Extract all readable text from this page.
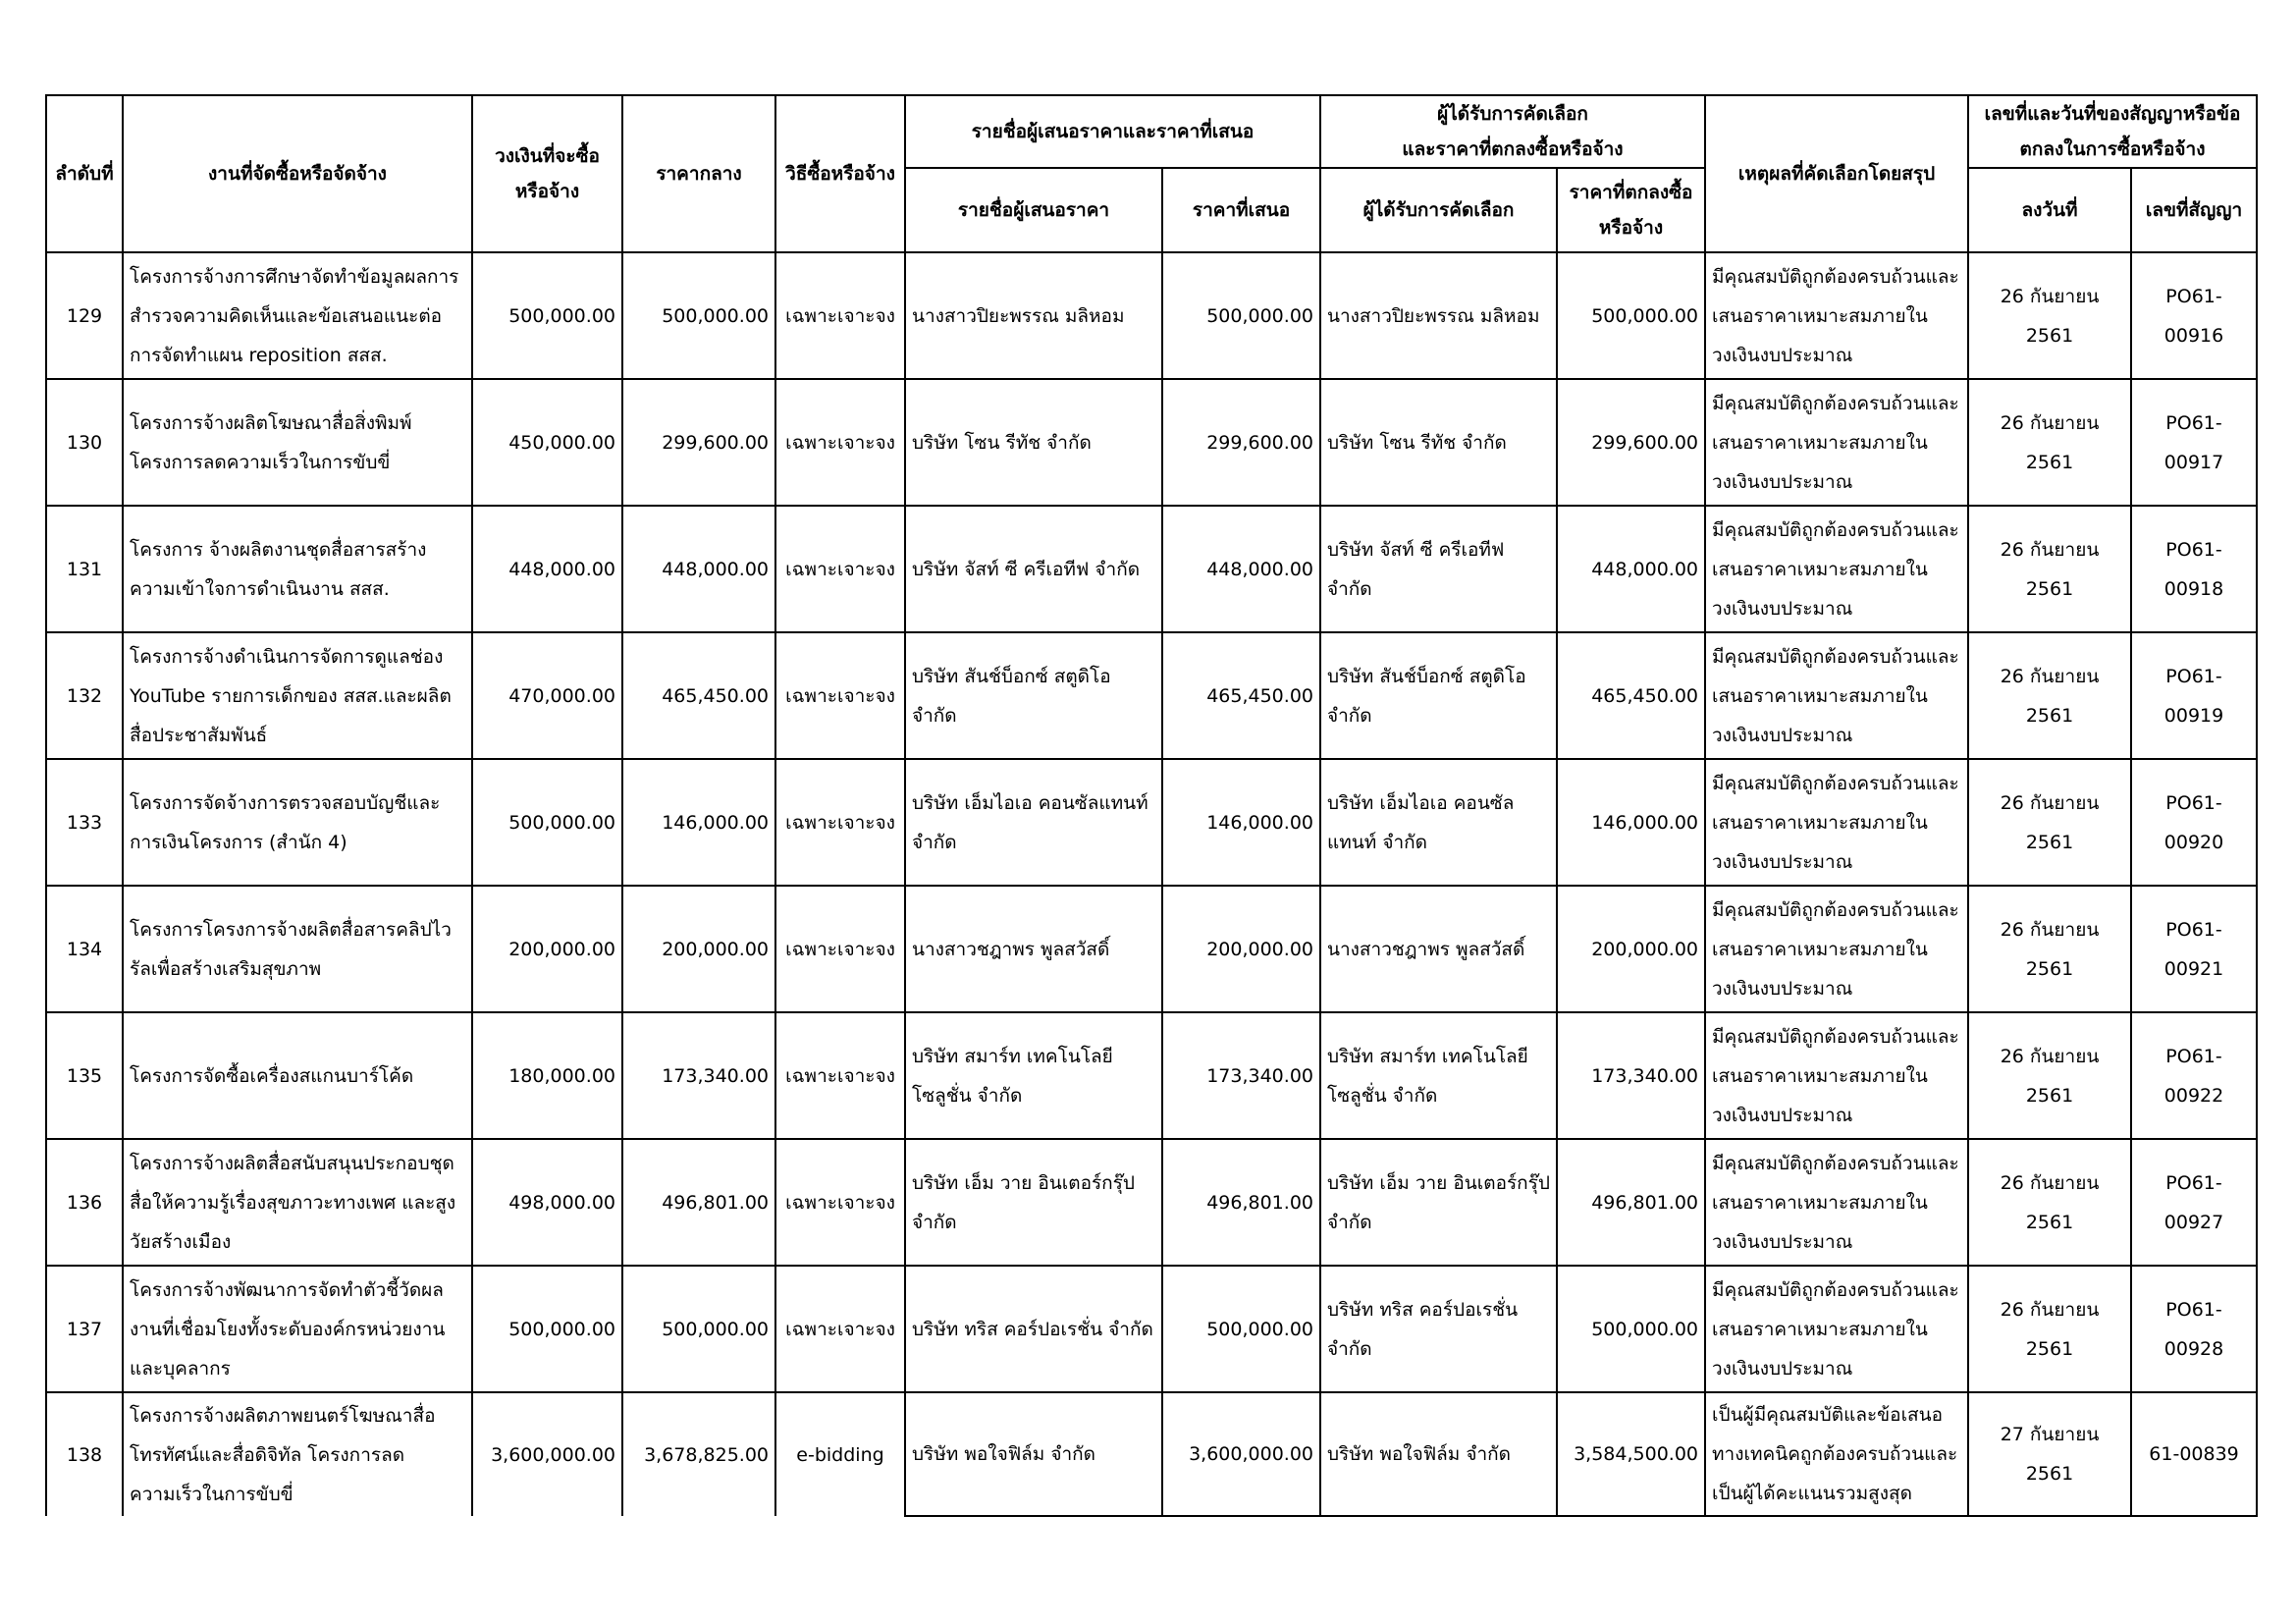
ลำดับที่	งานที่จัดซื้อหรือจัดจ้าง	วงเงินที่จะซื้อหรือจ้าง	ราคากลาง	วิธีซื้อหรือจ้าง	รายชื่อผู้เสนอราคาและราคาที่เสนอ		ผู้ได้รับการคัดเลือก
และราคาที่ตกลงซื้อหรือจ้าง		เหตุผลที่คัดเลือกโดยสรุป	เลขที่และวันที่ของสัญญาหรือข้อตกลงในการซื้อหรือจ้าง	
					รายชื่อผู้เสนอราคา	ราคาที่เสนอ	ผู้ได้รับการคัดเลือก	ราคาที่ตกลงซื้อหรือจ้าง		ลงวันที่	เลขที่สัญญา
129	โครงการจ้างการศึกษาจัดทำข้อมูลผลการสำรวจความคิดเห็นและข้อเสนอแนะต่อการจัดทำแผน reposition สสส.	500,000.00	500,000.00	เฉพาะเจาะจง	นางสาวปิยะพรรณ มลิหอม	500,000.00	นางสาวปิยะพรรณ มลิหอม	500,000.00	มีคุณสมบัติถูกต้องครบถ้วนและเสนอราคาเหมาะสมภายในวงเงินงบประมาณ	26 กันยายน 2561	PO61-00916
130	โครงการจ้างผลิตโฆษณาสื่อสิ่งพิมพ์ โครงการลดความเร็วในการขับขี่	450,000.00	299,600.00	เฉพาะเจาะจง	บริษัท โซน รีทัช จำกัด	299,600.00	บริษัท โซน รีทัช จำกัด	299,600.00	มีคุณสมบัติถูกต้องครบถ้วนและเสนอราคาเหมาะสมภายในวงเงินงบประมาณ	26 กันยายน 2561	PO61-00917
131	โครงการ จ้างผลิตงานชุดสื่อสารสร้างความเข้าใจการดำเนินงาน สสส.	448,000.00	448,000.00	เฉพาะเจาะจง	บริษัท จัสท์ ซี ครีเอทีฟ จำกัด	448,000.00	บริษัท จัสท์ ซี ครีเอทีฟ จำกัด	448,000.00	มีคุณสมบัติถูกต้องครบถ้วนและเสนอราคาเหมาะสมภายในวงเงินงบประมาณ	26 กันยายน 2561	PO61-00918
132	โครงการจ้างดำเนินการจัดการดูแลช่อง YouTube รายการเด็กของ สสส.และผลิตสื่อประชาสัมพันธ์	470,000.00	465,450.00	เฉพาะเจาะจง	บริษัท สันช์บ็อกซ์ สตูดิโอ จำกัด	465,450.00	บริษัท สันช์บ็อกซ์ สตูดิโอ จำกัด	465,450.00	มีคุณสมบัติถูกต้องครบถ้วนและเสนอราคาเหมาะสมภายในวงเงินงบประมาณ	26 กันยายน 2561	PO61-00919
133	โครงการจัดจ้างการตรวจสอบบัญชีและการเงินโครงการ (สำนัก 4)	500,000.00	146,000.00	เฉพาะเจาะจง	บริษัท เอ็มไอเอ คอนซัลแทนท์ จำกัด	146,000.00	บริษัท เอ็มไอเอ คอนซัลแทนท์ จำกัด	146,000.00	มีคุณสมบัติถูกต้องครบถ้วนและเสนอราคาเหมาะสมภายในวงเงินงบประมาณ	26 กันยายน 2561	PO61-00920
134	โครงการโครงการจ้างผลิตสื่อสารคลิปไวรัลเพื่อสร้างเสริมสุขภาพ	200,000.00	200,000.00	เฉพาะเจาะจง	นางสาวชฎาพร พูลสวัสดิ์	200,000.00	นางสาวชฎาพร พูลสวัสดิ์	200,000.00	มีคุณสมบัติถูกต้องครบถ้วนและเสนอราคาเหมาะสมภายในวงเงินงบประมาณ	26 กันยายน 2561	PO61-00921
135	โครงการจัดซื้อเครื่องสแกนบาร์โค้ด	180,000.00	173,340.00	เฉพาะเจาะจง	บริษัท สมาร์ท เทคโนโลยี โซลูชั่น จำกัด	173,340.00	บริษัท สมาร์ท เทคโนโลยี โซลูชั่น จำกัด	173,340.00	มีคุณสมบัติถูกต้องครบถ้วนและเสนอราคาเหมาะสมภายในวงเงินงบประมาณ	26 กันยายน 2561	PO61-00922
136	โครงการจ้างผลิตสื่อสนับสนุนประกอบชุดสื่อให้ความรู้เรื่องสุขภาวะทางเพศ และสูงวัยสร้างเมือง	498,000.00	496,801.00	เฉพาะเจาะจง	บริษัท เอ็ม วาย อินเตอร์กรุ๊ป จำกัด	496,801.00	บริษัท เอ็ม วาย อินเตอร์กรุ๊ป จำกัด	496,801.00	มีคุณสมบัติถูกต้องครบถ้วนและเสนอราคาเหมาะสมภายในวงเงินงบประมาณ	26 กันยายน 2561	PO61-00927
137	โครงการจ้างพัฒนาการจัดทำตัวชี้วัดผลงานที่เชื่อมโยงทั้งระดับองค์กรหน่วยงานและบุคลากร	500,000.00	500,000.00	เฉพาะเจาะจง	บริษัท ทริส คอร์ปอเรชั่น จำกัด	500,000.00	บริษัท ทริส คอร์ปอเรชั่น จำกัด	500,000.00	มีคุณสมบัติถูกต้องครบถ้วนและเสนอราคาเหมาะสมภายในวงเงินงบประมาณ	26 กันยายน 2561	PO61-00928
138	โครงการจ้างผลิตภาพยนตร์โฆษณาสื่อโทรทัศน์และสื่อดิจิทัล โครงการลดความเร็วในการขับขี่	3,600,000.00	3,678,825.00	e-bidding	บริษัท พอใจฟิล์ม จำกัด	3,600,000.00	บริษัท พอใจฟิล์ม จำกัด	3,584,500.00	เป็นผู้มีคุณสมบัติและข้อเสนอทางเทคนิคถูกต้องครบถ้วนและเป็นผู้ได้คะแนนรวมสูงสุด	27 กันยายน 2561	61-00839
